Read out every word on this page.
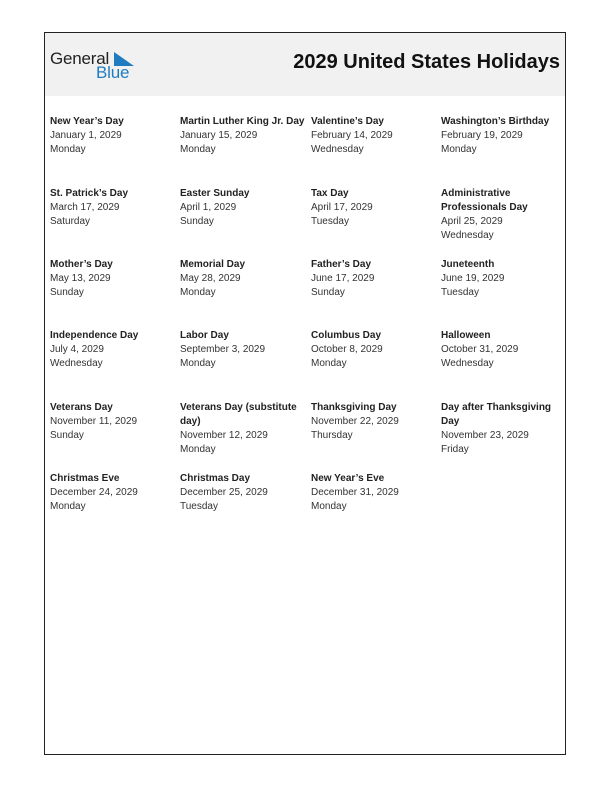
General
Blue	2029 United States Holidays
New Year’s Day
January 1, 2029
Monday
Martin Luther King Jr. Day
January 15, 2029
Monday
Valentine’s Day
February 14, 2029
Wednesday
Washington’s Birthday
February 19, 2029
Monday
St. Patrick’s Day
March 17, 2029
Saturday
Easter Sunday
April 1, 2029
Sunday
Tax Day
April 17, 2029
Tuesday
Administrative Professionals Day
April 25, 2029
Wednesday
Mother’s Day
May 13, 2029
Sunday
Memorial Day
May 28, 2029
Monday
Father’s Day
June 17, 2029
Sunday
Juneteenth
June 19, 2029
Tuesday
Independence Day
July 4, 2029
Wednesday
Labor Day
September 3, 2029
Monday
Columbus Day
October 8, 2029
Monday
Halloween
October 31, 2029
Wednesday
Veterans Day
November 11, 2029
Sunday
Veterans Day (substitute day)
November 12, 2029
Monday
Thanksgiving Day
November 22, 2029
Thursday
Day after Thanksgiving Day
November 23, 2029
Friday
Christmas Eve
December 24, 2029
Monday
Christmas Day
December 25, 2029
Tuesday
New Year’s Eve
December 31, 2029
Monday
